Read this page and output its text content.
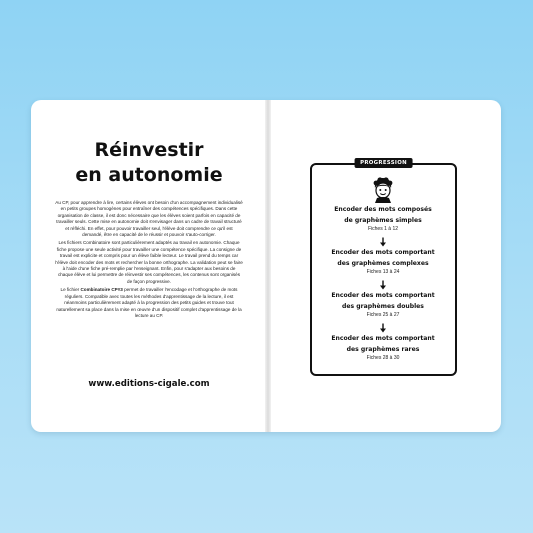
Réinvestir
en autonomie

Au CP, pour apprendre à lire, certains élèves ont besoin d'un accompagnement individualisé en petits groupes homogènes pour entraîner des compétences spécifiques. Dans cette organisation de classe, il est donc nécessaire que les élèves soient parfois en capacité de travailler seuls. Cette mise en autonomie doit s'envisager dans un cadre de travail structuré et réfléchi. En effet, pour pouvoir travailler seul, l'élève doit comprendre ce qu'il est demandé, être en capacité de le réussir et pouvoir s'auto-corriger.

Les fichiers Combinatoire sont particulièrement adaptés au travail en autonomie. Chaque fiche propose une seule activité pour travailler une compétence spécifique. La consigne de travail est explicite et compris pour un élève faible lecteur. Le travail prend du temps car l'élève doit encoder des mots et rechercher la bonne orthographe. La validation peut se faire à l'aide d'une fiche pré-remplie par l'enseignant. Enfin, pour s'adapter aux besoins de chaque élève et lui permettre de réinvestir ses compétences, les contenus sont organisés de façon progressive.

Le fichier Combinatoire CP#3 permet de travailler l'encodage et l'orthographe de mots réguliers. Compatible avec toutes les méthodes d'apprentissage de la lecture, il est néanmoins particulièrement adapté à la progression des petits guides et trouve tout naturellement sa place dans la mise en œuvre d'un dispositif complet d'apprentissage de la lecture au CP.

www.editions-cigale.com
PROGRESSION
Encoder des mots composés
de graphèmes simples
Fiches 1 à 12
Encoder des mots comportant
des graphèmes complexes
Fiches 13 à 24
Encoder des mots comportant
des graphèmes doubles
Fiches 25 à 27
Encoder des mots comportant
des graphèmes rares
Fiches 28 à 30
